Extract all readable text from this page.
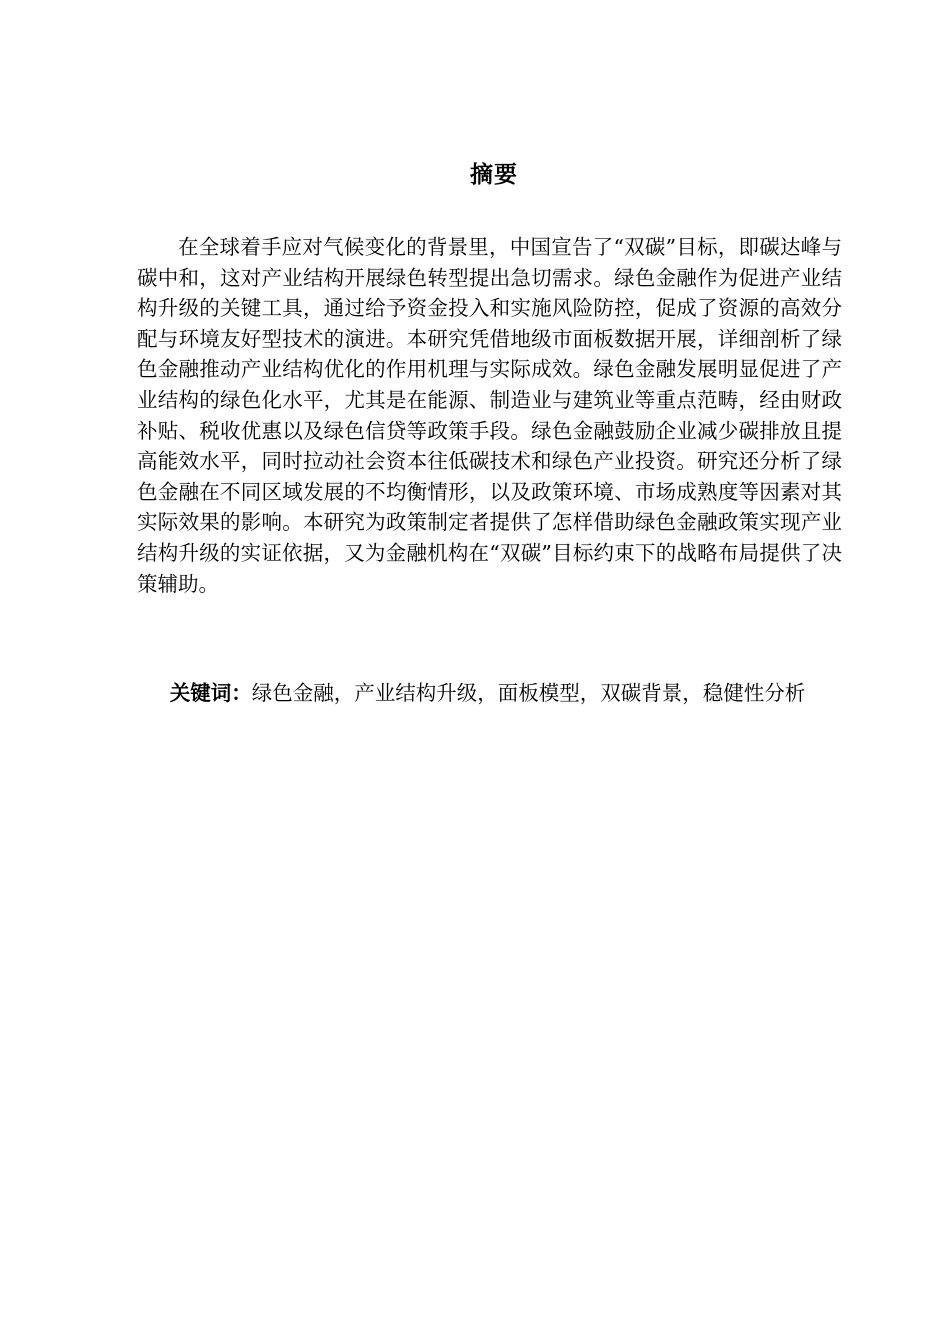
摘要

在全球着手应对气候变化的背景里，中国宣告了“双碳”目标，即碳达峰与碳中和，这对产业结构开展绿色转型提出急切需求。绿色金融作为促进产业结构升级的关键工具，通过给予资金投入和实施风险防控，促成了资源的高效分配与环境友好型技术的演进。本研究凭借地级市面板数据开展，详细剖析了绿色金融推动产业结构优化的作用机理与实际成效。绿色金融发展明显促进了产业结构的绿色化水平，尤其是在能源、制造业与建筑业等重点范畴，经由财政补贴、税收优惠以及绿色信贷等政策手段。绿色金融鼓励企业减少碳排放且提高能效水平，同时拉动社会资本往低碳技术和绿色产业投资。研究还分析了绿色金融在不同区域发展的不均衡情形，以及政策环境、市场成熟度等因素对其实际效果的影响。本研究为政策制定者提供了怎样借助绿色金融政策实现产业结构升级的实证依据，又为金融机构在“双碳”目标约束下的战略布局提供了决策辅助。

关键词：绿色金融，产业结构升级，面板模型，双碳背景，稳健性分析
